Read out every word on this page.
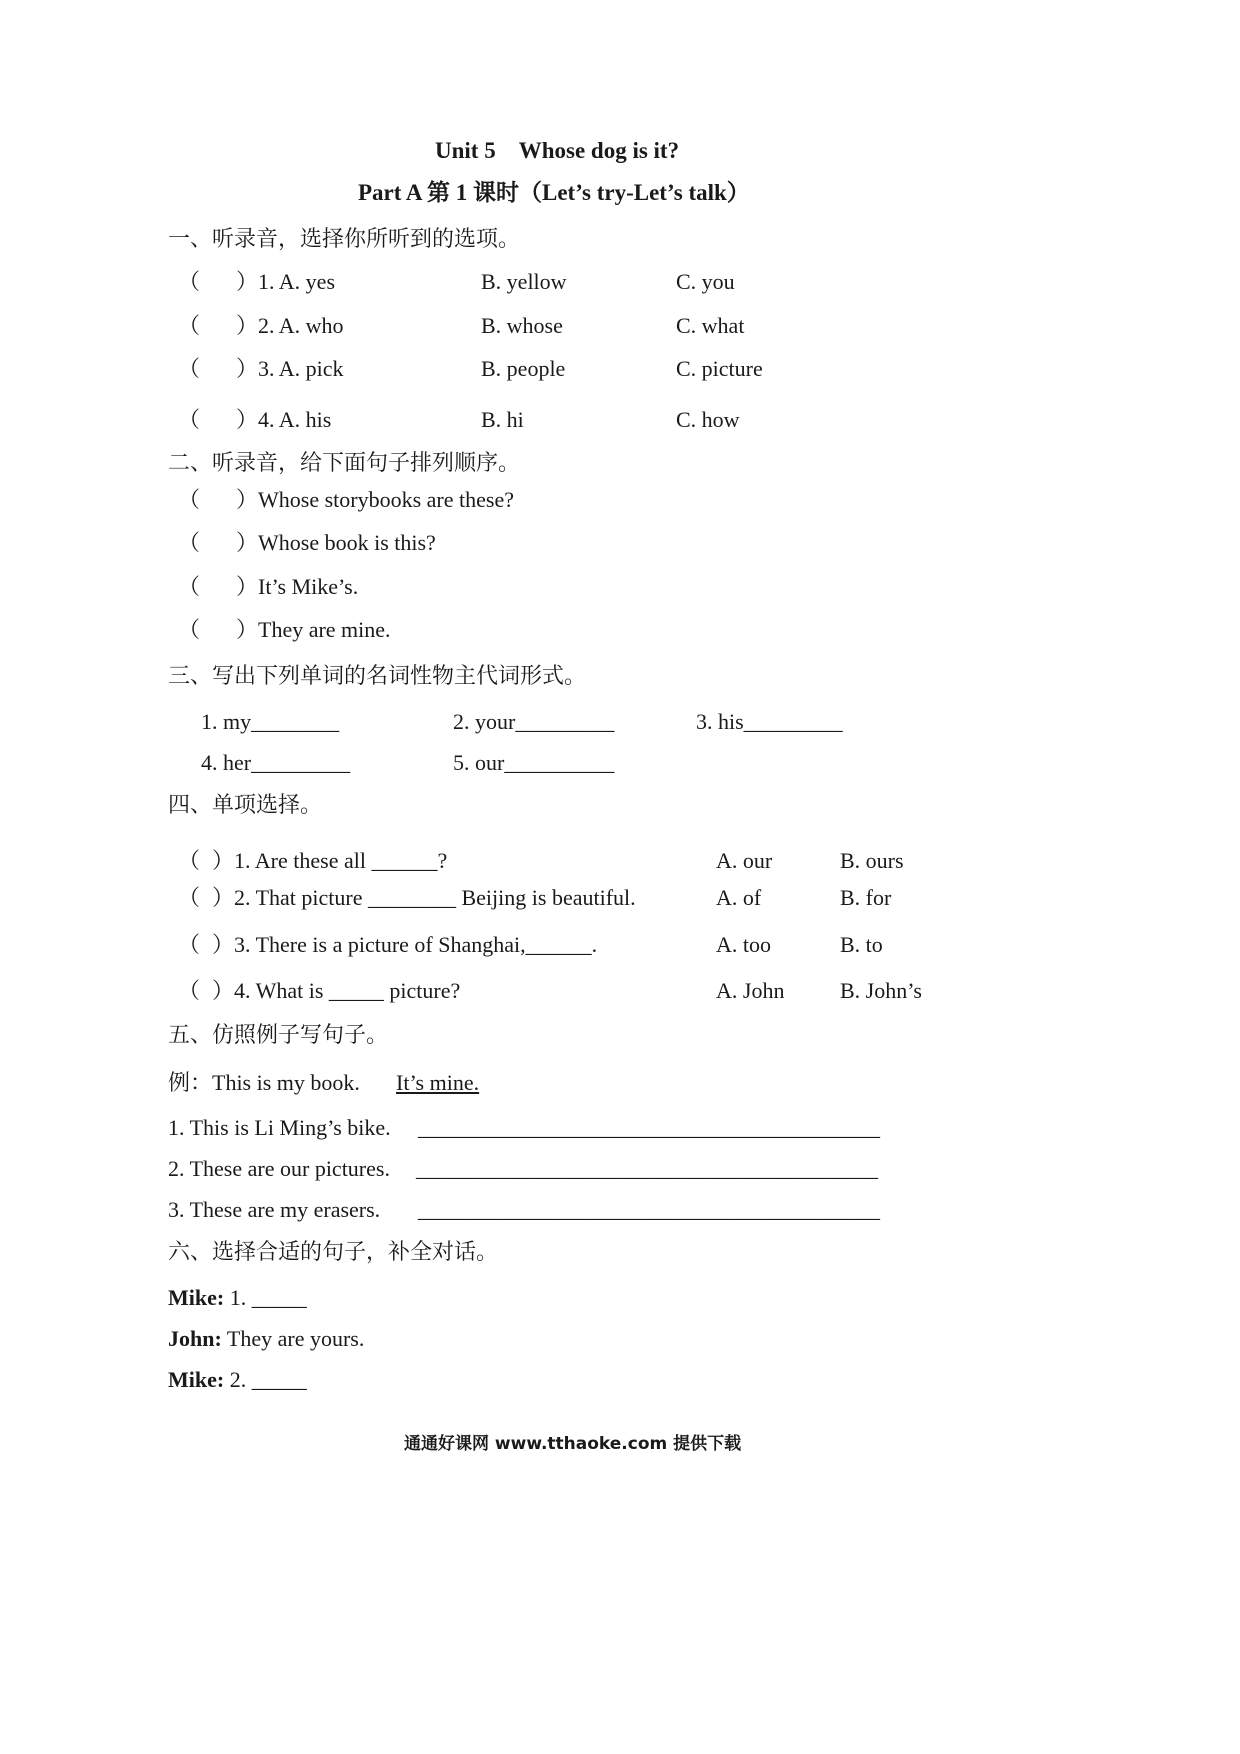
Unit 5　Whose dog is it?
Part A 第 1 课时（Let’s try-Let’s talk）
一、听录音，选择你所听到的选项。
（ ）1. A. yes	B. yellow	C. you
（ ）2. A. who	B. whose	C. what
（ ）3. A. pick	B. people	C. picture
（ ）4. A. his	B. hi	C. how
二、听录音，给下面句子排列顺序。
（ ）Whose storybooks are these?
（ ）Whose book is this?
（ ）It’s Mike’s.
（ ）They are mine.
三、写出下列单词的名词性物主代词形式。
1. my________	2. your_________	3. his_________
4. her_________	5. our__________
四、单项选择。
（ ）1. Are these all ______?	A. our	B. ours
（ ）2. That picture ________ Beijing is beautiful.	A. of	B. for
（ ）3. There is a picture of Shanghai,______.	A. too	B. to
（ ）4. What is _____ picture?	A. John	B. John’s
五、仿照例子写句子。
例：This is my book. It’s mine.
1. This is Li Ming’s bike. __________________________________________
2. These are our pictures. __________________________________________
3. These are my erasers. __________________________________________
六、选择合适的句子，补全对话。
Mike: 1. _____
John: They are yours.
Mike: 2. _____
通通好课网 www.tthaoke.com 提供下载
